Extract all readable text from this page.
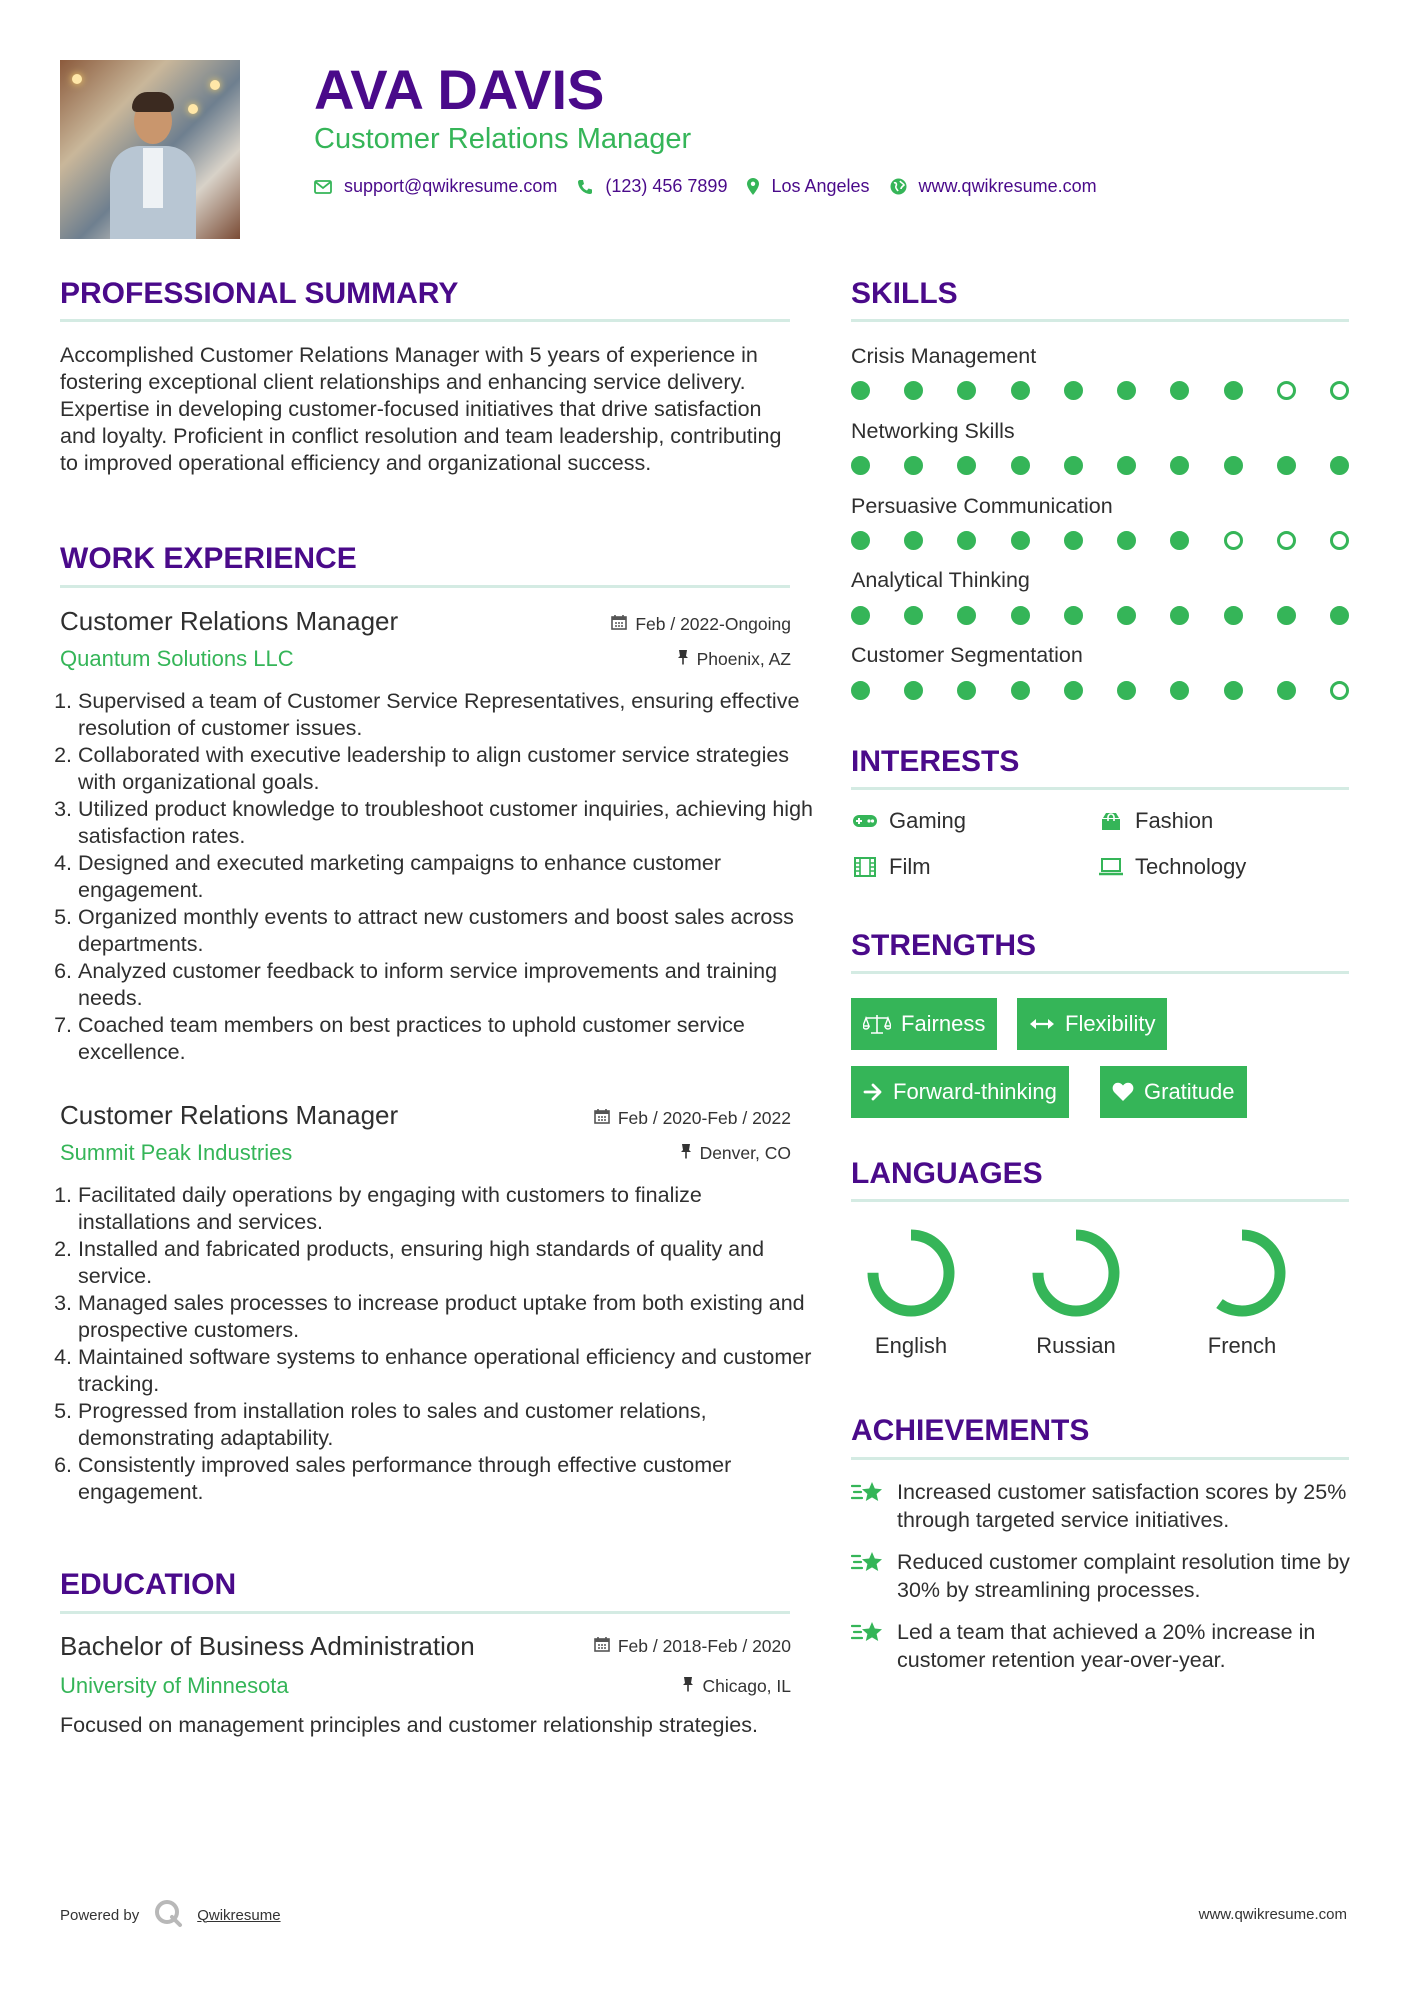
AVA DAVIS
Customer Relations Manager
support@qwikresume.com	(123) 456 7899 Los Angeles	www.qwikresume.com
PROFESSIONAL SUMMARY

Accomplished Customer Relations Manager with 5 years of experience in fostering exceptional client relationships and enhancing service delivery. Expertise in developing customer-focused initiatives that drive satisfaction and loyalty. Proficient in conflict resolution and team leadership, contributing to improved operational efficiency and organizational success.

WORK EXPERIENCE
Customer Relations Manager	Feb / 2022-Ongoing
Quantum Solutions LLC	Phoenix, AZ
1. Supervised a team of Customer Service Representatives, ensuring effective resolution of customer issues.
2. Collaborated with executive leadership to align customer service strategies with organizational goals.
3. Utilized product knowledge to troubleshoot customer inquiries, achieving high satisfaction rates.
4. Designed and executed marketing campaigns to enhance customer engagement.
5. Organized monthly events to attract new customers and boost sales across departments.
6. Analyzed customer feedback to inform service improvements and training needs.
7. Coached team members on best practices to uphold customer service excellence.
Customer Relations Manager	Feb / 2020-Feb / 2022
Summit Peak Industries	Denver, CO
1. Facilitated daily operations by engaging with customers to finalize installations and services.
2. Installed and fabricated products, ensuring high standards of quality and service.
3. Managed sales processes to increase product uptake from both existing and prospective customers.
4. Maintained software systems to enhance operational efficiency and customer tracking.
5. Progressed from installation roles to sales and customer relations, demonstrating adaptability.
6. Consistently improved sales performance through effective customer engagement.
EDUCATION
Bachelor of Business Administration	Feb / 2018-Feb / 2020
University of Minnesota	Chicago, IL

Focused on management principles and customer relationship strategies.

SKILLS
Crisis Management
Networking Skills
Persuasive Communication
Analytical Thinking
Customer Segmentation
INTERESTS
Gaming	Fashion
Film	Technology
STRENGTHS
Fairness	Flexibility
Forward-thinking	Gratitude
LANGUAGES
English	Russian	French
ACHIEVEMENTS
Increased customer satisfaction scores by 25% through targeted service initiatives.
Reduced customer complaint resolution time by 30% by streamlining processes.
Led a team that achieved a 20% increase in customer retention year-over-year.
Powered by	Qwikresume	www.qwikresume.com
